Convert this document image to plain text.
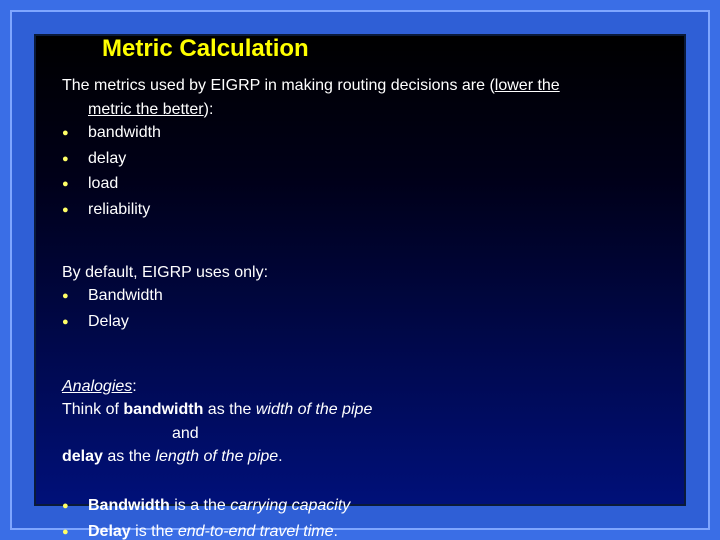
Metric Calculation

The metrics used by EIGRP in making routing decisions are (lower the
metric the better):

●	bandwidth
●	delay
●	load
●	reliability

By default, EIGRP uses only:

●	Bandwidth
●	Delay

Analogies:

Think of bandwidth as the width of the pipe

and

delay as the length of the pipe.

●	Bandwidth is a the carrying capacity
●	Delay is the end-to-end travel time.
